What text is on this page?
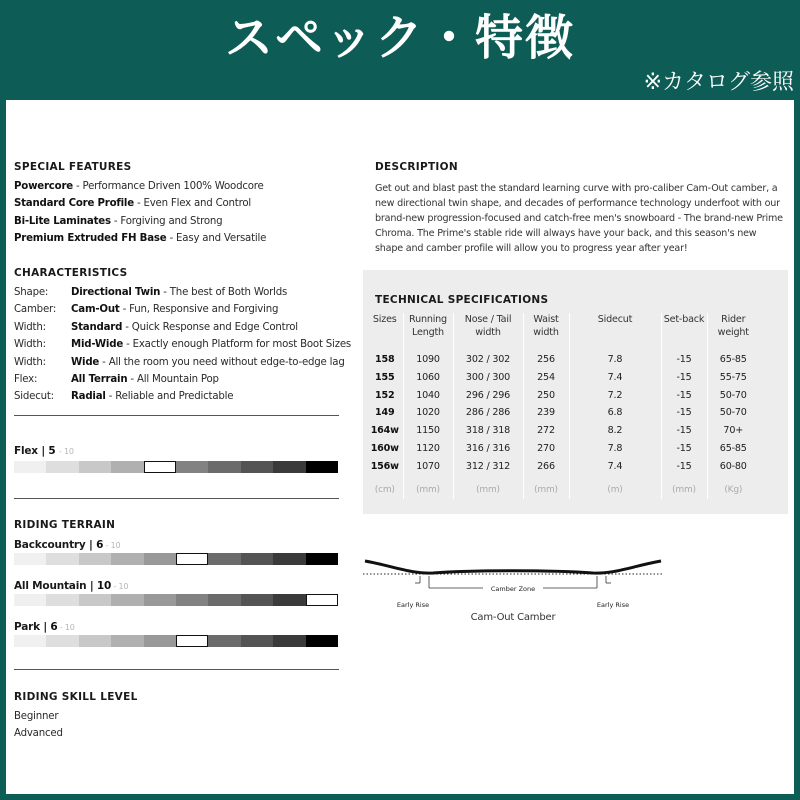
スペック・特徴
※カタログ参照
SPECIAL FEATURES
Powercore - Performance Driven 100% Woodcore
Standard Core Profile - Even Flex and Control
Bi-Lite Laminates - Forgiving and Strong
Premium Extruded FH Base - Easy and Versatile
CHARACTERISTICS
Shape: Directional Twin - The best of Both Worlds
Camber: Cam-Out - Fun, Responsive and Forgiving
Width: Standard - Quick Response and Edge Control
Width: Mid-Wide - Exactly enough Platform for most Boot Sizes
Width: Wide - All the room you need without edge-to-edge lag
Flex:	All Terrain - All Mountain Pop
Sidecut: Radial - Reliable and Predictable
Flex | 5 - 10
RIDING TERRAIN
Backcountry | 6 - 10
All Mountain | 10 - 10
Park | 6 - 10
RIDING SKILL LEVEL
Beginner
Advanced
DESCRIPTION
Get out and blast past the standard learning curve with pro-caliber Cam-Out camber, a new directional twin shape, and decades of performance technology underfoot with our brand-new progression-focused and catch-free men's snowboard - The brand-new Prime Chroma. The Prime's stable ride will always have your back, and this season's new shape and camber profile will allow you to progress year after year!
TECHNICAL SPECIFICATIONS
Sizes	Running Length	Nose / Tail width	Waist width	Sidecut	Set-back	Rider weight
158	1090	302 / 302	256	7.8	-15	65-85
155	1060	300 / 300	254	7.4	-15	55-75
152	1040	296 / 296	250	7.2	-15	50-70
149	1020	286 / 286	239	6.8	-15	50-70
164w	1150	318 / 318	272	8.2	-15	70+
160w	1120	316 / 316	270	7.8	-15	65-85
156w	1070	312 / 312	266	7.4	-15	60-80
(cm)	(mm)	(mm)	(mm)	(m)	(mm)	(Kg)
Camber Zone
Early Rise	Early Rise
Cam-Out Camber
